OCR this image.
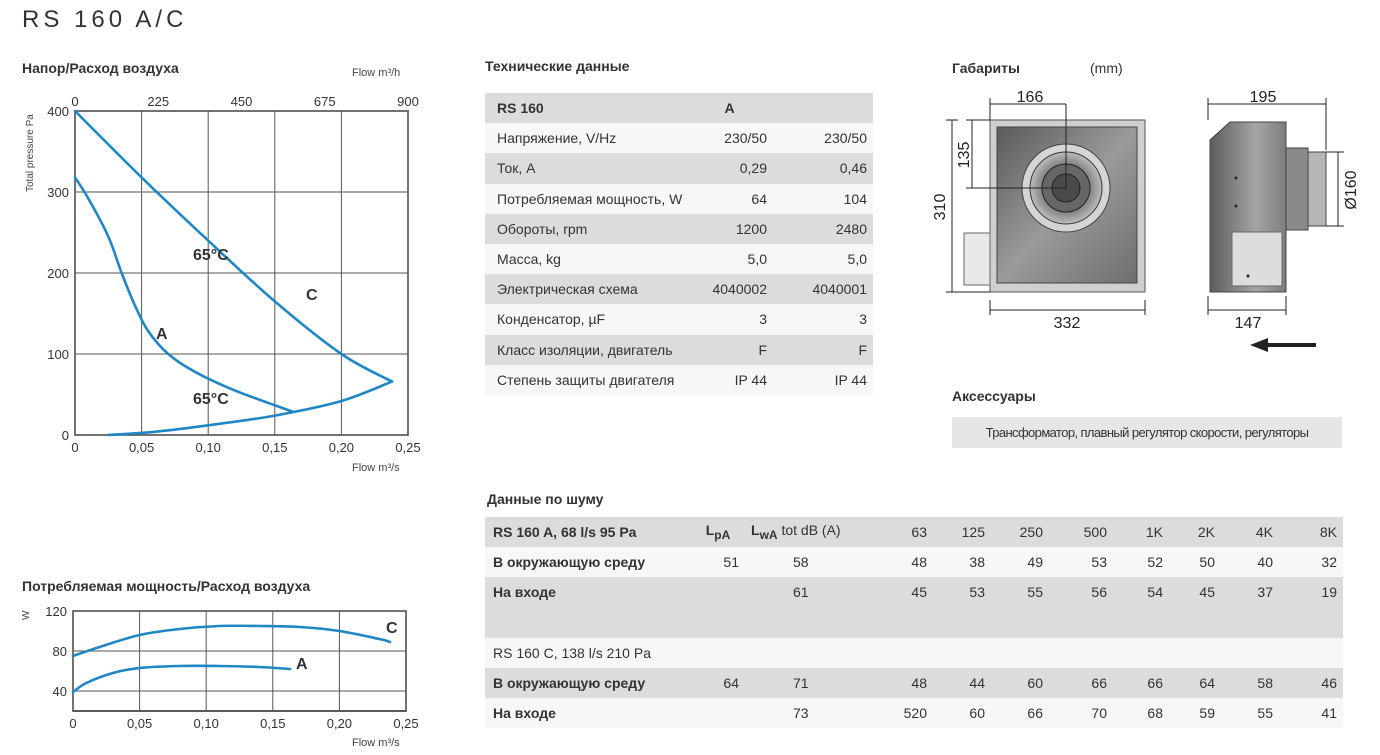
RS 160 A/C
Напор/Расход воздуха
0	0,05	0,10	0,15	0,20	0,25
0	225	450	675	900
0
100
200
300
400
Flow m³/h
Flow m³/s
Total pressure Pa
65°C
65°C
C
A
Потребляемая мощность/Расход воздуха
0	0,05	0,10	0,15	0,20	0,25
40
80
120
Flow m³/s
W
C
A
Технические данные
RS 160	A	
Напряжение, V/Hz	230/50	230/50
Ток, А	0,29	0,46
Потребляемая мощность, W	64	104
Обороты, rpm	1200	2480
Масса, kg	5,0	5,0
Электрическая схема	4040002	4040001
Конденсатор, µF	3	3
Класс изоляции, двигатель	F	F
Степень защиты двигателя	IP 44	IP 44
Габариты	(mm)
166
135
310
332
195
Ø160
147
Аксессуары
Трансформатор, плавный регулятор скорости, регуляторы
Данные по шуму
RS 160 A, 68 l/s 95 Pa	$L_{pA}$	$L_{wA}$ tot dB (A)	63	125	250	500	1K	2K	4K	8K
В окружающую среду	51	58	48	38	49	53	52	50	40	32
На входе		61	45	53	55	56	54	45	37	19

RS 160 C, 138 l/s 210 Pa										
В окружающую среду	64	71	48	44	60	66	66	64	58	46
На входе		73	520	60	66	70	68	59	55	41
